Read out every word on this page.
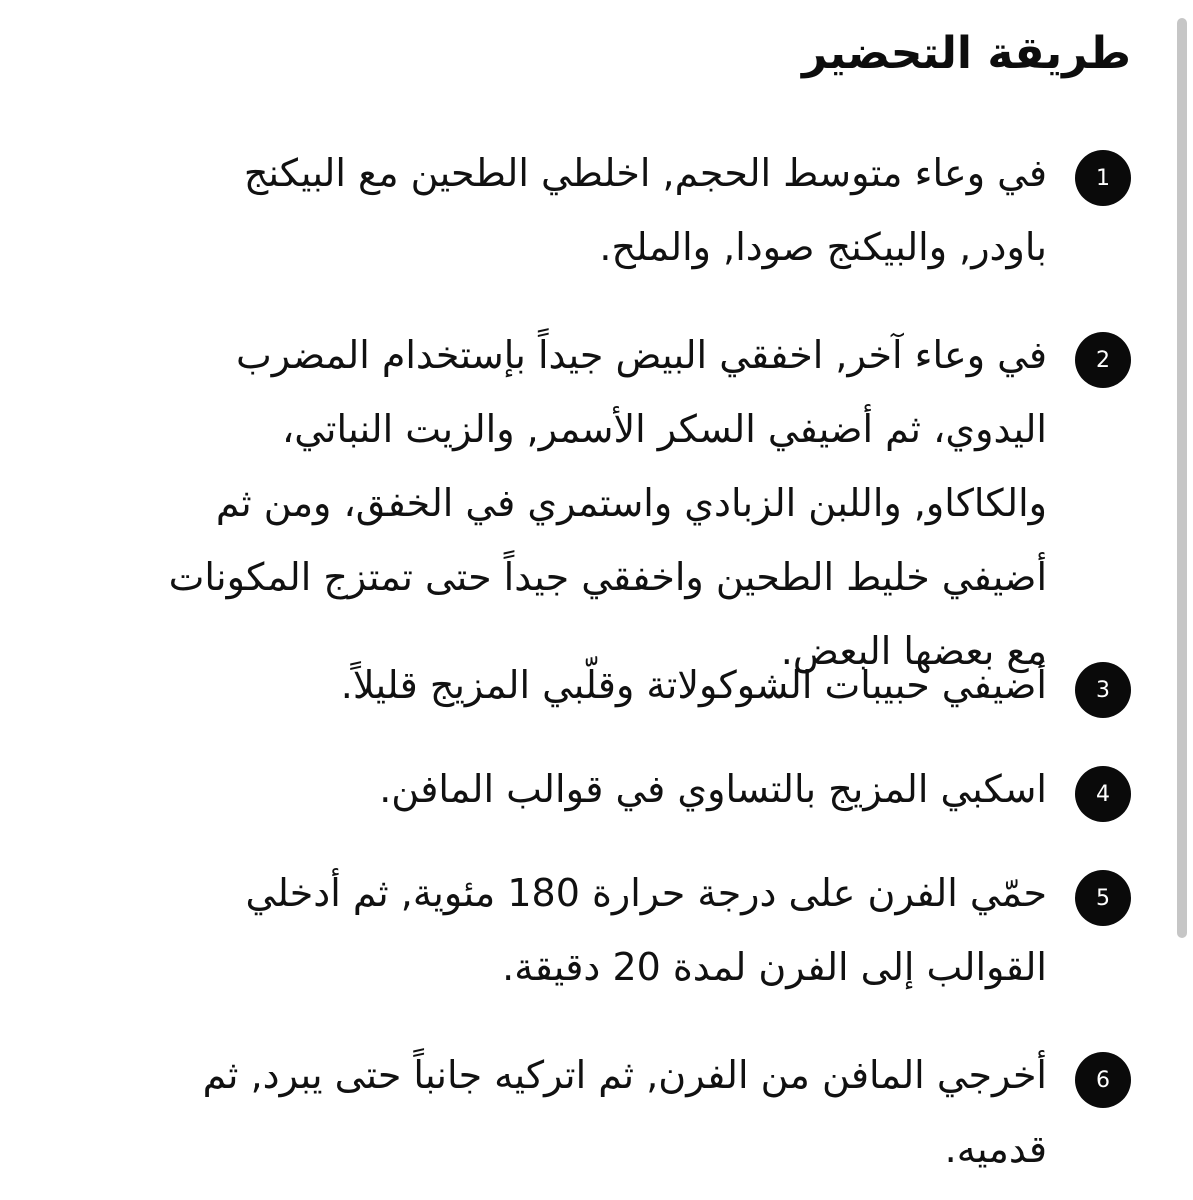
طريقة التحضير
1
في وعاء متوسط الحجم, اخلطي الطحين مع البيكنج باودر, والبيكنج صودا, والملح.
2
في وعاء آخر, اخفقي البيض جيداً بإستخدام المضرب اليدوي، ثم أضيفي السكر الأسمر, والزيت النباتي، والكاكاو, واللبن الزبادي واستمري في الخفق، ومن ثم أضيفي خليط الطحين واخفقي جيداً حتى تمتزج المكونات مع بعضها البعض.
3
أضيفي حبيبات الشوكولاتة وقلّبي المزيج قليلاً.
4
اسكبي المزيج بالتساوي في قوالب المافن.
5
حمّي الفرن على درجة حرارة 180 مئوية, ثم أدخلي القوالب إلى الفرن لمدة 20 دقيقة.
6
أخرجي المافن من الفرن, ثم اتركيه جانباً حتى يبرد, ثم قدميه.
